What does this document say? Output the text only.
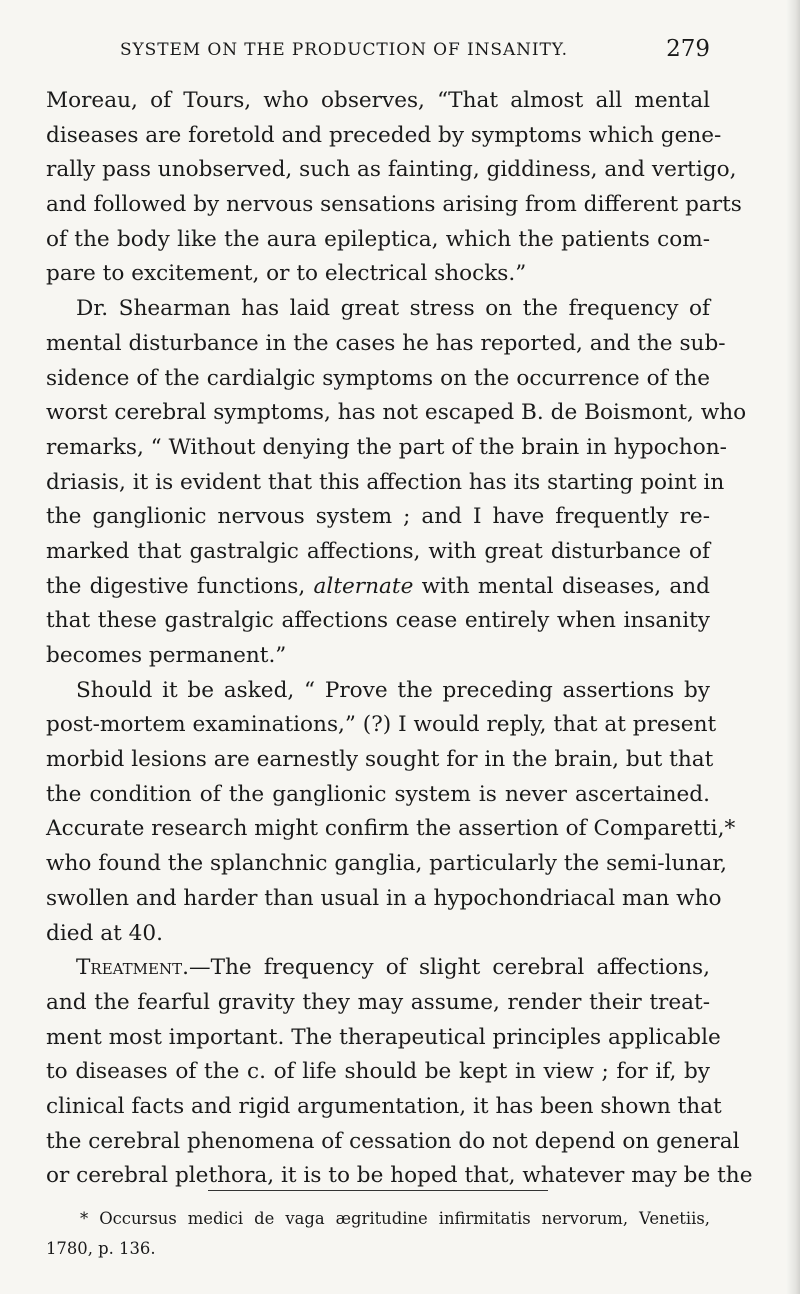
SYSTEM ON THE PRODUCTION OF INSANITY.	279
Moreau, of Tours, who observes, “That almost all mental
diseases are foretold and preceded by symptoms which gene-
rally pass unobserved, such as fainting, giddiness, and vertigo,
and followed by nervous sensations arising from different parts
of the body like the aura epileptica, which the patients com-
pare to excitement, or to electrical shocks.”
Dr. Shearman has laid great stress on the frequency of
mental disturbance in the cases he has reported, and the sub-
sidence of the cardialgic symptoms on the occurrence of the
worst cerebral symptoms, has not escaped B. de Boismont, who
remarks, “ Without denying the part of the brain in hypochon-
driasis, it is evident that this affection has its starting point in
the ganglionic nervous system ; and I have frequently re-
marked that gastralgic affections, with great disturbance of
the digestive functions, alternate with mental diseases, and
that these gastralgic affections cease entirely when insanity
becomes permanent.”
Should it be asked, “ Prove the preceding assertions by
post-mortem examinations,” (?) I would reply, that at present
morbid lesions are earnestly sought for in the brain, but that
the condition of the ganglionic system is never ascertained.
Accurate research might confirm the assertion of Comparetti,*
who found the splanchnic ganglia, particularly the semi-lunar,
swollen and harder than usual in a hypochondriacal man who
died at 40.
Treatment.—The frequency of slight cerebral affections,
and the fearful gravity they may assume, render their treat-
ment most important. The therapeutical principles applicable
to diseases of the c. of life should be kept in view ; for if, by
clinical facts and rigid argumentation, it has been shown that
the cerebral phenomena of cessation do not depend on general
or cerebral plethora, it is to be hoped that, whatever may be the
* Occursus medici de vaga ægritudine infirmitatis nervorum, Venetiis,
1780, p. 136.
